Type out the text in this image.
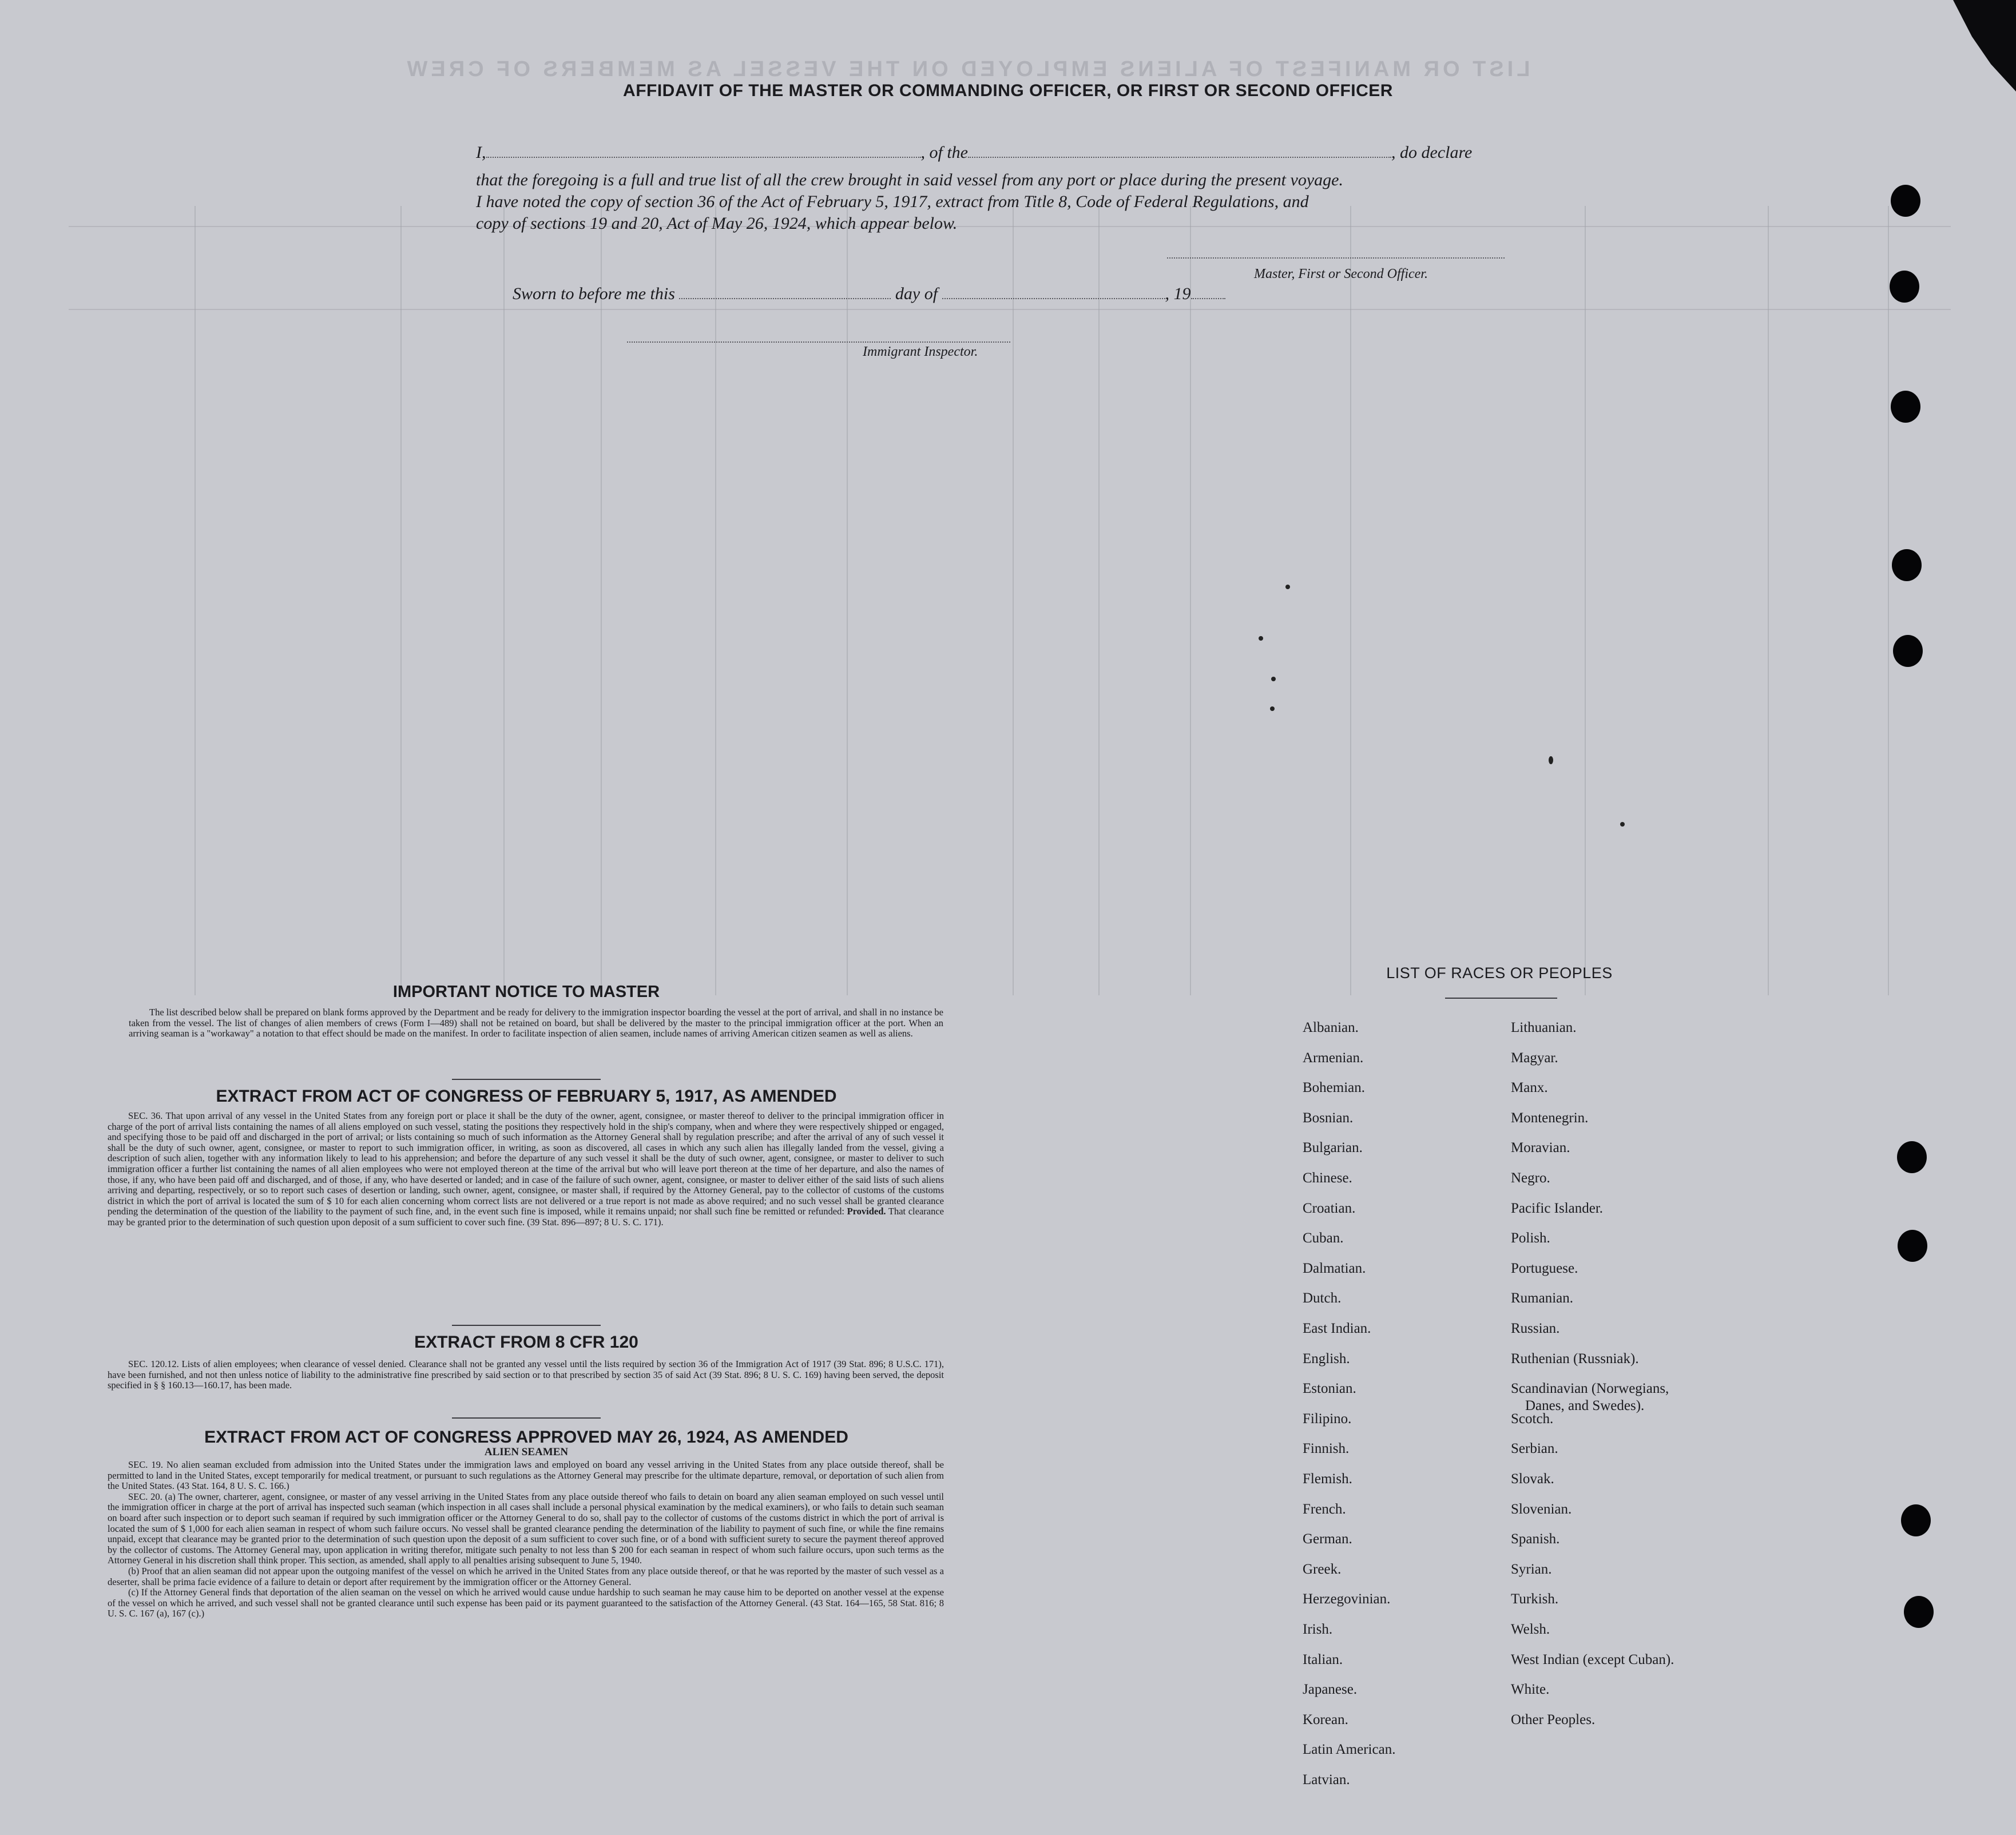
LIST OR MANIFEST OF ALIENS EMPLOYED ON THE VESSEL AS MEMBERS OF CREW
AFFIDAVIT OF THE MASTER OR COMMANDING OFFICER, OR FIRST OR SECOND OFFICER
I,	, of the	, do declare
that the foregoing is a full and true list of all the crew brought in said vessel from any port or place during the present voyage.
I have noted the copy of section 36 of the Act of February 5, 1917, extract from Title 8, Code of Federal Regulations, and
copy of sections 19 and 20, Act of May 26, 1924, which appear below.
Master, First or Second Officer.
Sworn to before me this	day of	, 19
Immigrant Inspector.
IMPORTANT NOTICE TO MASTER

The list described below shall be prepared on blank forms approved by the Department and be ready for delivery to the immigration inspector boarding the vessel at the port of arrival, and shall in no instance be taken from the vessel. The list of changes of alien members of crews (Form I—489) shall not be retained on board, but shall be delivered by the master to the principal immigration officer at the port. When an arriving seaman is a "workaway" a notation to that effect should be made on the manifest. In order to facilitate inspection of alien seamen, include names of arriving American citizen seamen as well as aliens.

EXTRACT FROM ACT OF CONGRESS OF FEBRUARY 5, 1917, AS AMENDED

SEC. 36. That upon arrival of any vessel in the United States from any foreign port or place it shall be the duty of the owner, agent, consignee, or master thereof to deliver to the principal immigration officer in charge of the port of arrival lists containing the names of all aliens employed on such vessel, stating the positions they respectively hold in the ship's company, when and where they were respectively shipped or engaged, and specifying those to be paid off and discharged in the port of arrival; or lists containing so much of such information as the Attorney General shall by regulation prescribe; and after the arrival of any of such vessel it shall be the duty of such owner, agent, consignee, or master to report to such immigration officer, in writing, as soon as discovered, all cases in which any such alien has illegally landed from the vessel, giving a description of such alien, together with any information likely to lead to his apprehension; and before the departure of any such vessel it shall be the duty of such owner, agent, consignee, or master to deliver to such immigration officer a further list containing the names of all alien employees who were not employed thereon at the time of the arrival but who will leave port thereon at the time of her departure, and also the names of those, if any, who have been paid off and discharged, and of those, if any, who have deserted or landed; and in case of the failure of such owner, agent, consignee, or master to deliver either of the said lists of such aliens arriving and departing, respectively, or so to report such cases of desertion or landing, such owner, agent, consignee, or master shall, if required by the Attorney General, pay to the collector of customs of the customs district in which the port of arrival is located the sum of $ 10 for each alien concerning whom correct lists are not delivered or a true report is not made as above required; and no such vessel shall be granted clearance pending the determination of the question of the liability to the payment of such fine, and, in the event such fine is imposed, while it remains unpaid; nor shall such fine be remitted or refunded: Provided. That clearance may be granted prior to the determination of such question upon deposit of a sum sufficient to cover such fine. (39 Stat. 896—897; 8 U. S. C. 171).

EXTRACT FROM 8 CFR 120

SEC. 120.12. Lists of alien employees; when clearance of vessel denied. Clearance shall not be granted any vessel until the lists required by section 36 of the Immigration Act of 1917 (39 Stat. 896; 8 U.S.C. 171), have been furnished, and not then unless notice of liability to the administrative fine prescribed by said section or to that prescribed by section 35 of said Act (39 Stat. 896; 8 U. S. C. 169) having been served, the deposit specified in § § 160.13—160.17, has been made.

EXTRACT FROM ACT OF CONGRESS APPROVED MAY 26, 1924, AS AMENDED
ALIEN SEAMEN

SEC. 19. No alien seaman excluded from admission into the United States under the immigration laws and employed on board any vessel arriving in the United States from any place outside thereof, shall be permitted to land in the United States, except temporarily for medical treatment, or pursuant to such regulations as the Attorney General may prescribe for the ultimate departure, removal, or deportation of such alien from the United States. (43 Stat. 164, 8 U. S. C. 166.)

SEC. 20. (a) The owner, charterer, agent, consignee, or master of any vessel arriving in the United States from any place outside thereof who fails to detain on board any alien seaman employed on such vessel until the immigration officer in charge at the port of arrival has inspected such seaman (which inspection in all cases shall include a personal physical examination by the medical examiners), or who fails to detain such seaman on board after such inspection or to deport such seaman if required by such immigration officer or the Attorney General to do so, shall pay to the collector of customs of the customs district in which the port of arrival is located the sum of $ 1,000 for each alien seaman in respect of whom such failure occurs. No vessel shall be granted clearance pending the determination of the liability to payment of such fine, or while the fine remains unpaid, except that clearance may be granted prior to the determination of such question upon the deposit of a sum sufficient to cover such fine, or of a bond with sufficient surety to secure the payment thereof approved by the collector of customs. The Attorney General may, upon application in writing therefor, mitigate such penalty to not less than $ 200 for each seaman in respect of whom such failure occurs, upon such terms as the Attorney General in his discretion shall think proper. This section, as amended, shall apply to all penalties arising subsequent to June 5, 1940.

(b) Proof that an alien seaman did not appear upon the outgoing manifest of the vessel on which he arrived in the United States from any place outside thereof, or that he was reported by the master of such vessel as a deserter, shall be prima facie evidence of a failure to detain or deport after requirement by the immigration officer or the Attorney General.

(c) If the Attorney General finds that deportation of the alien seaman on the vessel on which he arrived would cause undue hardship to such seaman he may cause him to be deported on another vessel at the expense of the vessel on which he arrived, and such vessel shall not be granted clearance until such expense has been paid or its payment guaranteed to the satisfaction of the Attorney General. (43 Stat. 164—165, 58 Stat. 816; 8 U. S. C. 167 (a), 167 (c).)

LIST OF RACES OR PEOPLES
Albanian.
Armenian.
Bohemian.
Bosnian.
Bulgarian.
Chinese.
Croatian.
Cuban.
Dalmatian.
Dutch.
East Indian.
English.
Estonian.
Filipino.
Finnish.
Flemish.
French.
German.
Greek.
Herzegovinian.
Irish.
Italian.
Japanese.
Korean.
Latin American.
Latvian.
Lithuanian.
Magyar.
Manx.
Montenegrin.
Moravian.
Negro.
Pacific Islander.
Polish.
Portuguese.
Rumanian.
Russian.
Ruthenian (Russniak).
Scandinavian (Norwegians,
Danes, and Swedes).
Scotch.
Serbian.
Slovak.
Slovenian.
Spanish.
Syrian.
Turkish.
Welsh.
West Indian (except Cuban).
White.
Other Peoples.
